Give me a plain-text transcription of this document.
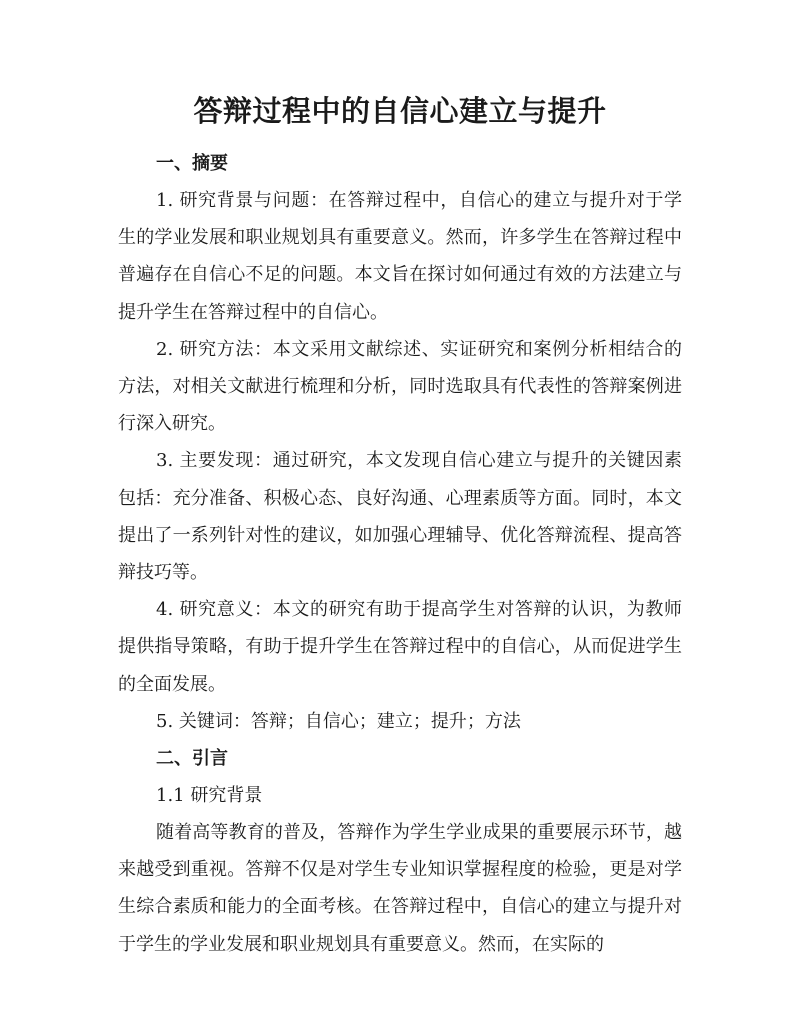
答辩过程中的自信心建立与提升
一、摘要

1. 研究背景与问题：在答辩过程中，自信心的建立与提升对于学生的学业发展和职业规划具有重要意义。然而，许多学生在答辩过程中普遍存在自信心不足的问题。本文旨在探讨如何通过有效的方法建立与提升学生在答辩过程中的自信心。

2. 研究方法：本文采用文献综述、实证研究和案例分析相结合的方法，对相关文献进行梳理和分析，同时选取具有代表性的答辩案例进行深入研究。

3. 主要发现：通过研究，本文发现自信心建立与提升的关键因素包括：充分准备、积极心态、良好沟通、心理素质等方面。同时，本文提出了一系列针对性的建议，如加强心理辅导、优化答辩流程、提高答辩技巧等。

4. 研究意义：本文的研究有助于提高学生对答辩的认识，为教师提供指导策略，有助于提升学生在答辩过程中的自信心，从而促进学生的全面发展。

5. 关键词：答辩；自信心；建立；提升；方法

二、引言

1.1 研究背景

随着高等教育的普及，答辩作为学生学业成果的重要展示环节，越来越受到重视。答辩不仅是对学生专业知识掌握程度的检验，更是对学生综合素质和能力的全面考核。在答辩过程中，自信心的建立与提升对于学生的学业发展和职业规划具有重要意义。然而，在实际的
